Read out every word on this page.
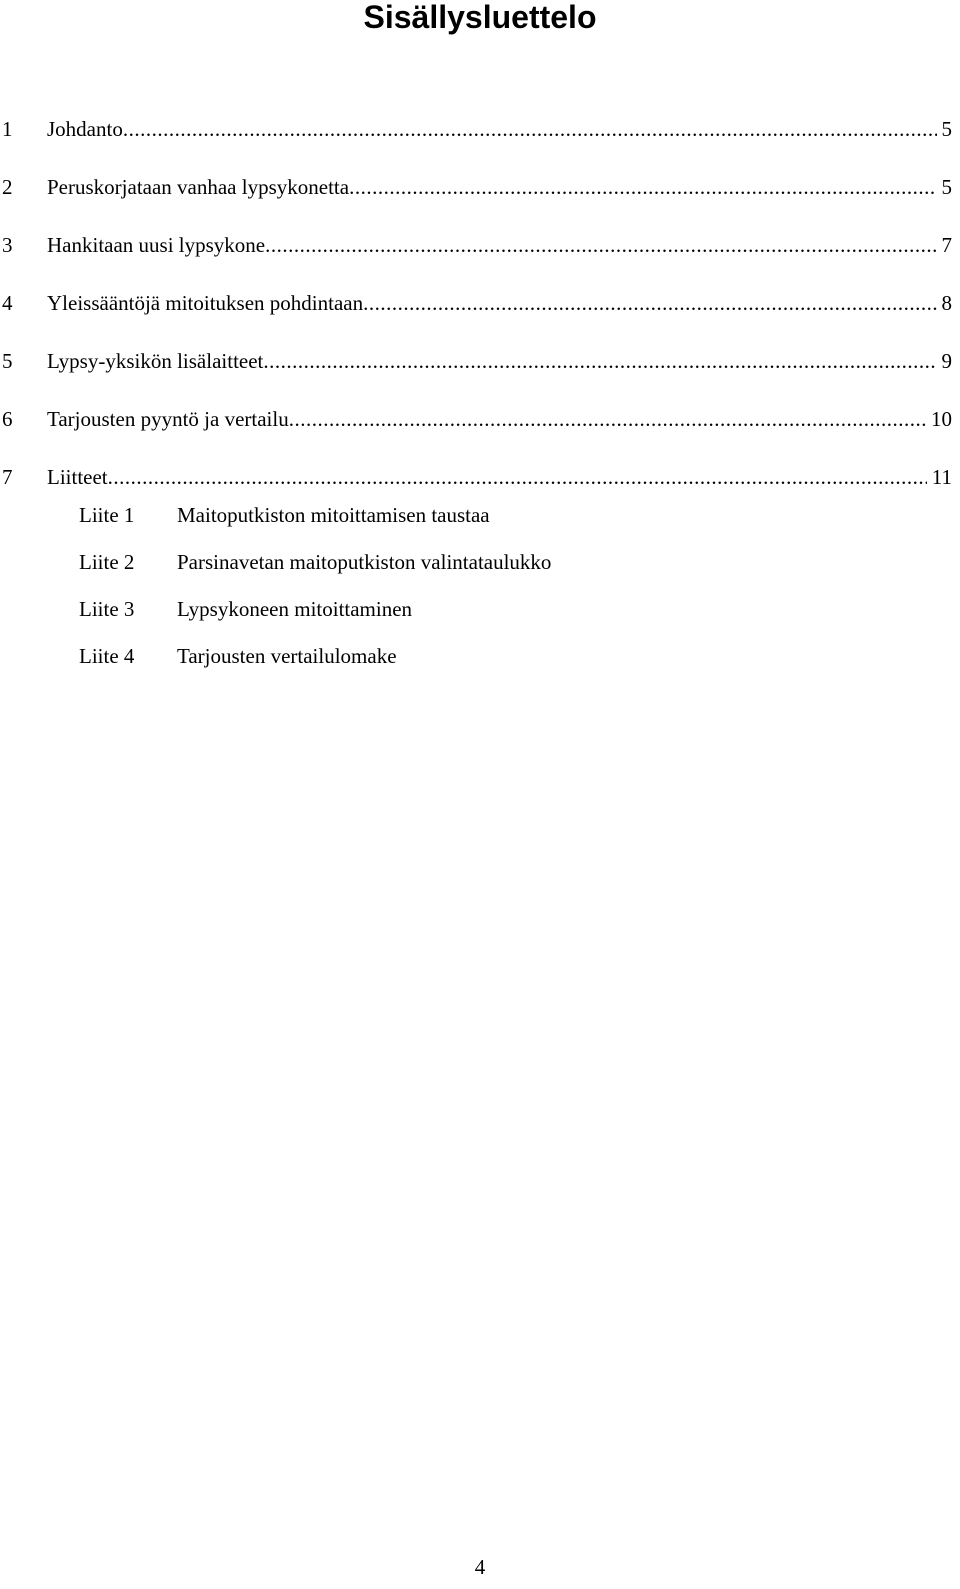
Sisällysluettelo
1 Johdanto .....	5
2 Peruskorjataan vanhaa lypsykonetta .....	5
3 Hankitaan uusi lypsykone .....	7
4 Yleissääntöjä mitoituksen pohdintaan .....	8
5 Lypsy-yksikön lisälaitteet .....	9
6 Tarjousten pyyntö ja vertailu .....	10
7 Liitteet .....	11
Liite 1 Maitoputkiston mitoittamisen taustaa
Liite 2 Parsinavetan maitoputkiston valintataulukko
Liite 3 Lypsykoneen mitoittaminen
Liite 4 Tarjousten vertailulomake
4
